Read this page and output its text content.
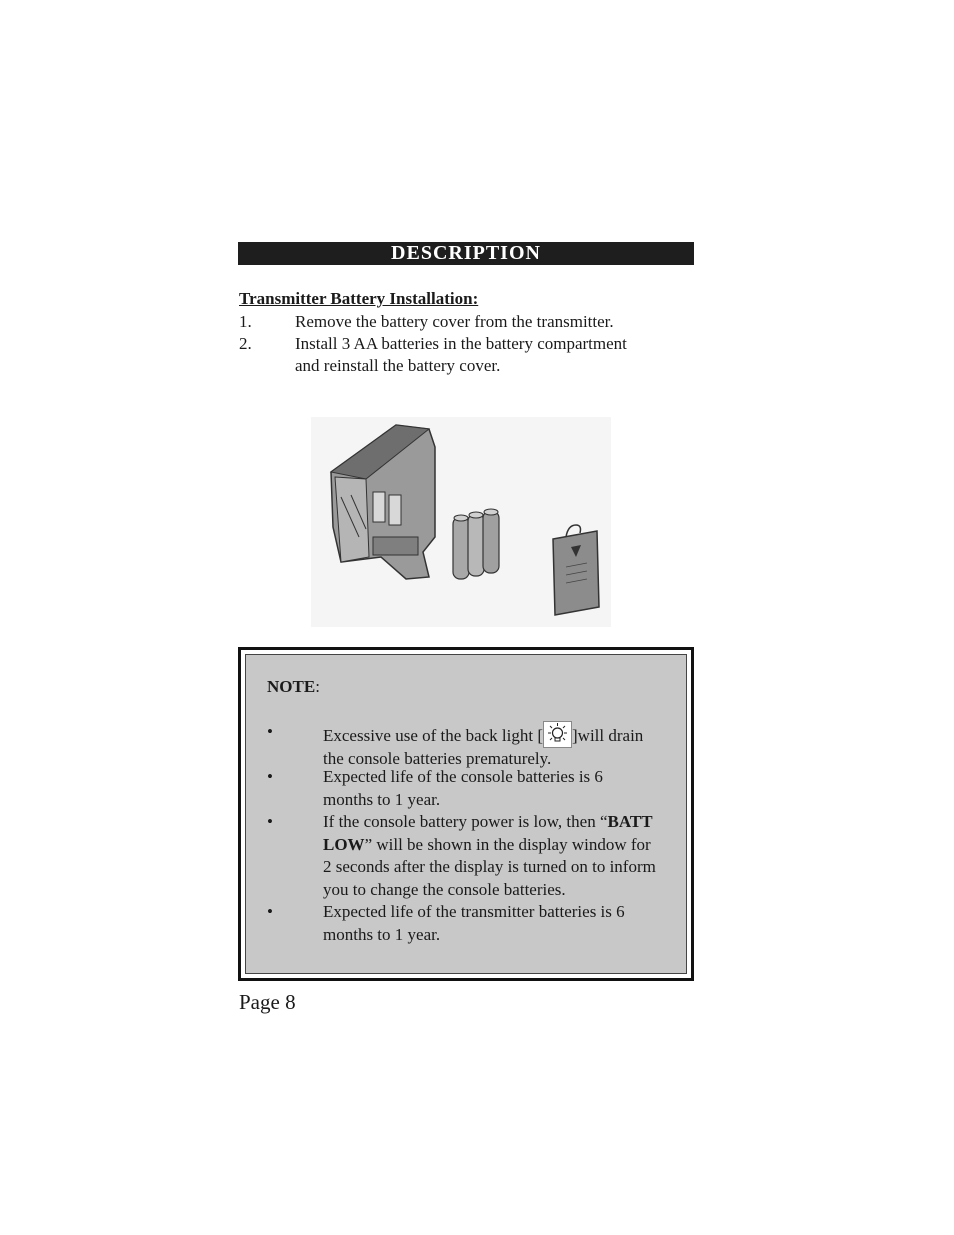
DESCRIPTION
Transmitter Battery Installation:
1.	Remove the battery cover from the transmitter.
2.	Install 3 AA batteries in the battery compartment
and reinstall the battery cover.
NOTE:
•	Excessive use of the back light [ ]will drain
the console batteries prematurely.
•	Expected life of the console batteries is 6
months to 1 year.
•	If the console battery power is low, then “BATT
LOW” will be shown in the display window for
2 seconds after the display is turned on to inform
you to change the console batteries.
•	Expected life of the transmitter batteries is 6
months to 1 year.
Page 8
